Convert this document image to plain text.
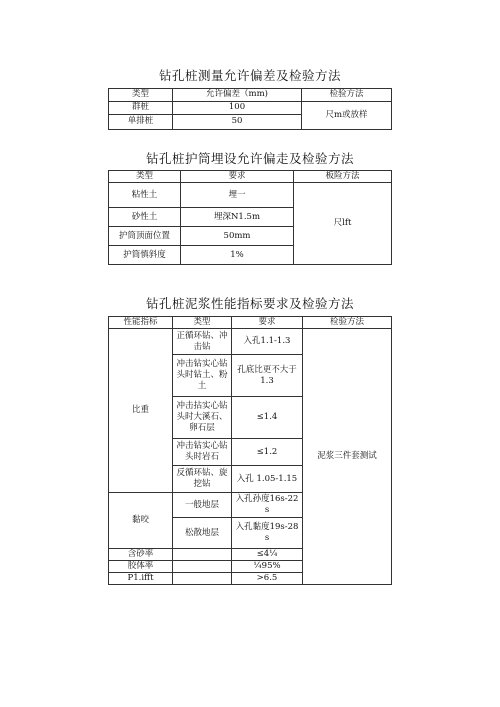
钻孔桩测量允许偏差及检验方法
类型	允许偏差（mm)	检验方法
群桩	100	尺m或放样
单排桩	50	
钻孔桩护筒埋设允许偏走及检验方法
类型	要求	板险方法
粘性土	埋一	尺lft
砂性土	埋深N1.5m	
护筒顶面位置	50mm	
护筒慎斜度	1%	
钻孔桩泥浆性能指标要求及检验方法
性能指标	类型	要求	检验方法
比重	正循环钻、冲击钻	入孔1.1-1.3	泥浆三件套测试
	冲击钻实心钻头时钻土、粉土	孔底比更不大于1.3	
	冲击拈实心钻头时大溪石、卵石层	≤1.4	
	冲击钻实心钻头时岩石	≤1.2	
	反循环钻、旋挖钻	入孔 1.05-1.15	
黏咬	一般地层	入孔孙度16s-22s	
	松散地层	入孔黏度19s-28s	
含砂率		≤4¼	
胶体率		¼95%	
P1.ifft		>6.5	
